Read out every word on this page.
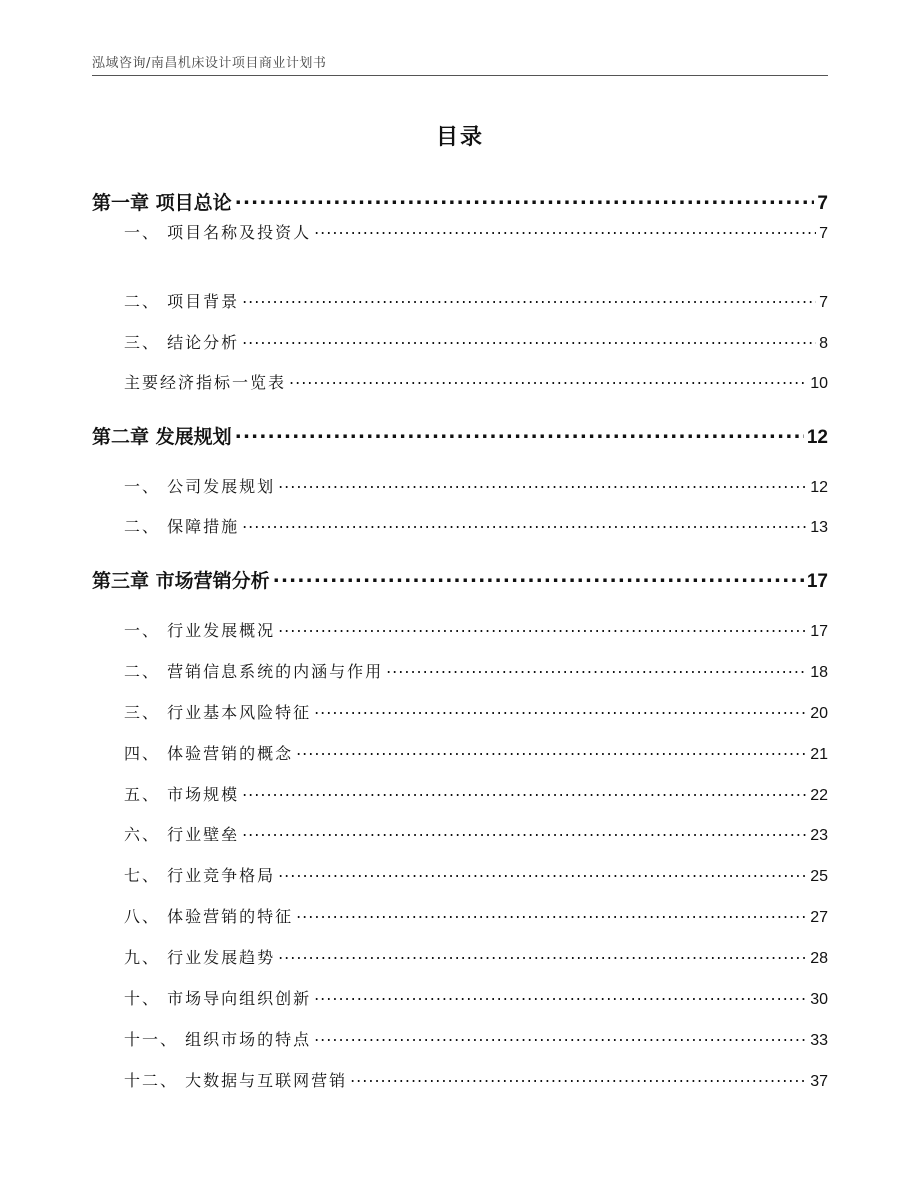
泓域咨询/南昌机床设计项目商业计划书
目录
第一章 项目总论 .....	7
一、 项目名称及投资人 .....	7
二、 项目背景 .....	7
三、 结论分析 .....	8
主要经济指标一览表 .....	10
第二章 发展规划 .....	12
一、 公司发展规划 .....	12
二、 保障措施 .....	13
第三章 市场营销分析 .....	17
一、 行业发展概况 .....	17
二、 营销信息系统的内涵与作用 .....	18
三、 行业基本风险特征 .....	20
四、 体验营销的概念 .....	21
五、 市场规模 .....	22
六、 行业壁垒 .....	23
七、 行业竞争格局 .....	25
八、 体验营销的特征 .....	27
九、 行业发展趋势 .....	28
十、 市场导向组织创新 .....	30
十一、 组织市场的特点 .....	33
十二、 大数据与互联网营销 .....	37
